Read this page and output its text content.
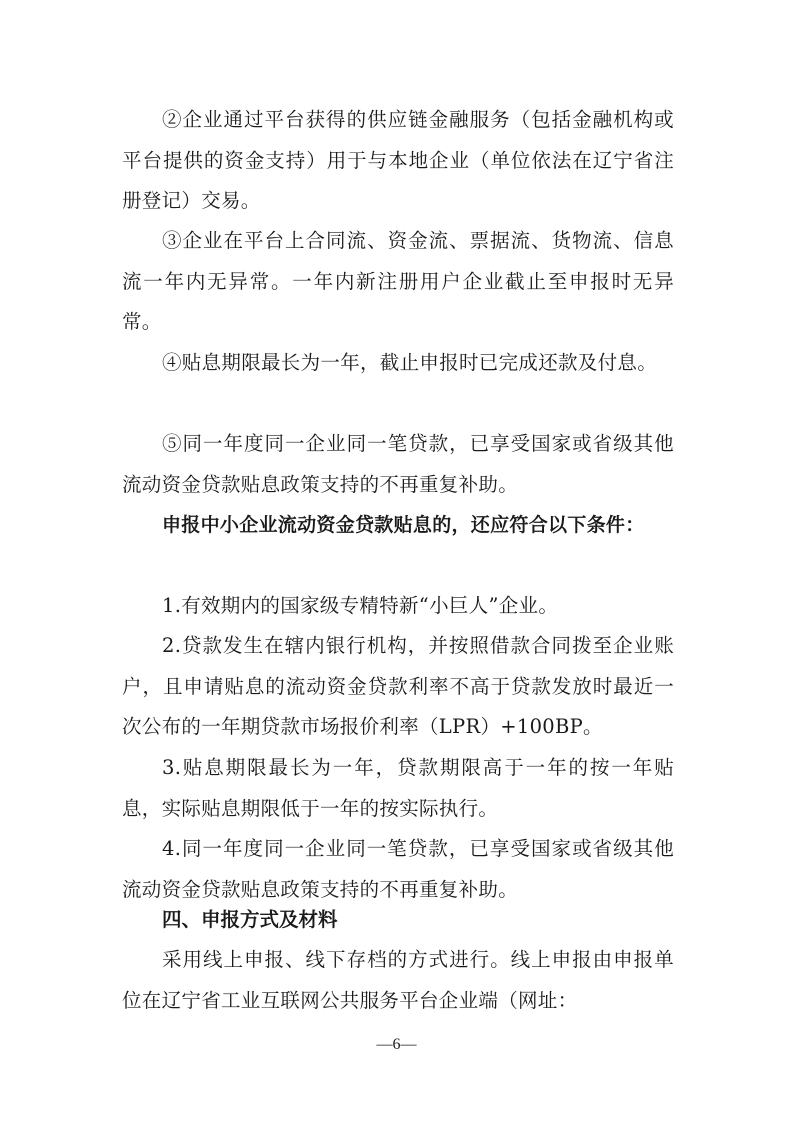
②企业通过平台获得的供应链金融服务（包括金融机构或平台提供的资金支持）用于与本地企业（单位依法在辽宁省注册登记）交易。

③企业在平台上合同流、资金流、票据流、货物流、信息流一年内无异常。一年内新注册用户企业截止至申报时无异常。

④贴息期限最长为一年，截止申报时已完成还款及付息。

⑤同一年度同一企业同一笔贷款，已享受国家或省级其他流动资金贷款贴息政策支持的不再重复补助。

申报中小企业流动资金贷款贴息的，还应符合以下条件：

1.有效期内的国家级专精特新“小巨人”企业。

2.贷款发生在辖内银行机构，并按照借款合同拨至企业账户，且申请贴息的流动资金贷款利率不高于贷款发放时最近一次公布的一年期贷款市场报价利率（LPR）+100BP。

3.贴息期限最长为一年，贷款期限高于一年的按一年贴息，实际贴息期限低于一年的按实际执行。

4.同一年度同一企业同一笔贷款，已享受国家或省级其他流动资金贷款贴息政策支持的不再重复补助。

四、申报方式及材料

采用线上申报、线下存档的方式进行。线上申报由申报单位在辽宁省工业互联网公共服务平台企业端（网址：

—6—
